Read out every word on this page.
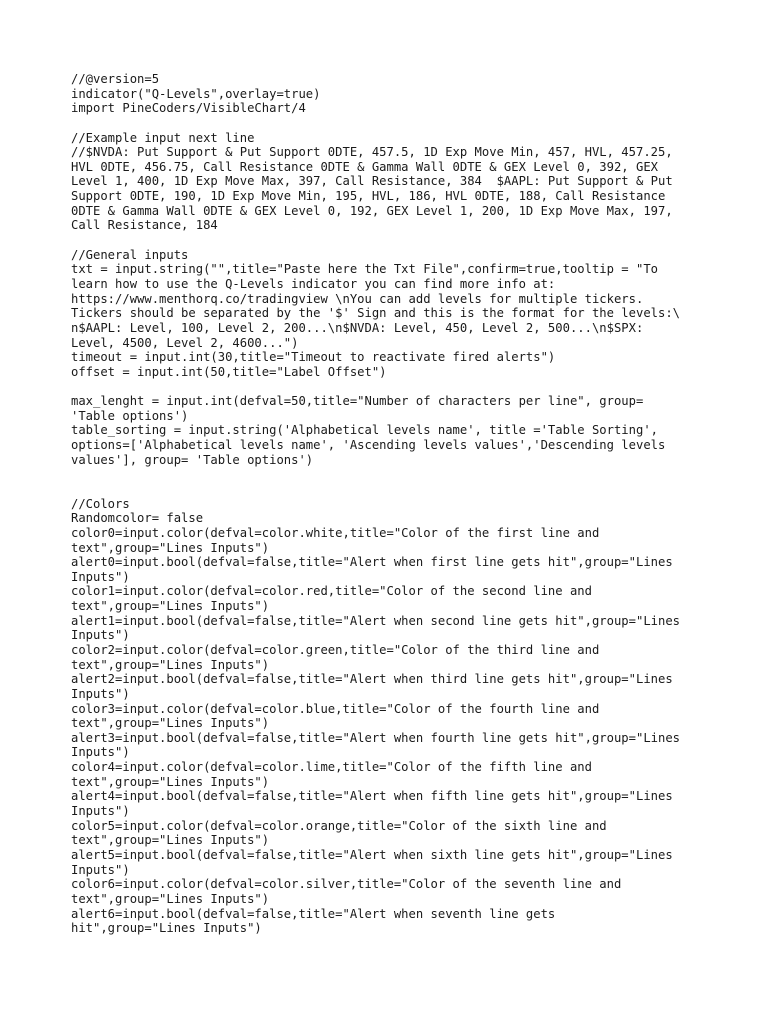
//@version=5
indicator("Q-Levels",overlay=true)
import PineCoders/VisibleChart/4
//Example input next line
//$NVDA: Put Support & Put Support 0DTE, 457.5, 1D Exp Move Min, 457, HVL, 457.25,
HVL 0DTE, 456.75, Call Resistance 0DTE & Gamma Wall 0DTE & GEX Level 0, 392, GEX
Level 1, 400, 1D Exp Move Max, 397, Call Resistance, 384  $AAPL: Put Support & Put
Support 0DTE, 190, 1D Exp Move Min, 195, HVL, 186, HVL 0DTE, 188, Call Resistance
0DTE & Gamma Wall 0DTE & GEX Level 0, 192, GEX Level 1, 200, 1D Exp Move Max, 197,
Call Resistance, 184
//General inputs
txt = input.string("",title="Paste here the Txt File",confirm=true,tooltip = "To
learn how to use the Q-Levels indicator you can find more info at:
https://www.menthorq.co/tradingview \nYou can add levels for multiple tickers.
Tickers should be separated by the '$' Sign and this is the format for the levels:\
n$AAPL: Level, 100, Level 2, 200...\n$NVDA: Level, 450, Level 2, 500...\n$SPX:
Level, 4500, Level 2, 4600...")
timeout = input.int(30,title="Timeout to reactivate fired alerts")
offset = input.int(50,title="Label Offset")
max_lenght = input.int(defval=50,title="Number of characters per line", group=
'Table options')
table_sorting = input.string('Alphabetical levels name', title ='Table Sorting',
options=['Alphabetical levels name', 'Ascending levels values','Descending levels
values'], group= 'Table options')
//Colors
Randomcolor= false
color0=input.color(defval=color.white,title="Color of the first line and
text",group="Lines Inputs")
alert0=input.bool(defval=false,title="Alert when first line gets hit",group="Lines
Inputs")
color1=input.color(defval=color.red,title="Color of the second line and
text",group="Lines Inputs")
alert1=input.bool(defval=false,title="Alert when second line gets hit",group="Lines
Inputs")
color2=input.color(defval=color.green,title="Color of the third line and
text",group="Lines Inputs")
alert2=input.bool(defval=false,title="Alert when third line gets hit",group="Lines
Inputs")
color3=input.color(defval=color.blue,title="Color of the fourth line and
text",group="Lines Inputs")
alert3=input.bool(defval=false,title="Alert when fourth line gets hit",group="Lines
Inputs")
color4=input.color(defval=color.lime,title="Color of the fifth line and
text",group="Lines Inputs")
alert4=input.bool(defval=false,title="Alert when fifth line gets hit",group="Lines
Inputs")
color5=input.color(defval=color.orange,title="Color of the sixth line and
text",group="Lines Inputs")
alert5=input.bool(defval=false,title="Alert when sixth line gets hit",group="Lines
Inputs")
color6=input.color(defval=color.silver,title="Color of the seventh line and
text",group="Lines Inputs")
alert6=input.bool(defval=false,title="Alert when seventh line gets
hit",group="Lines Inputs")
